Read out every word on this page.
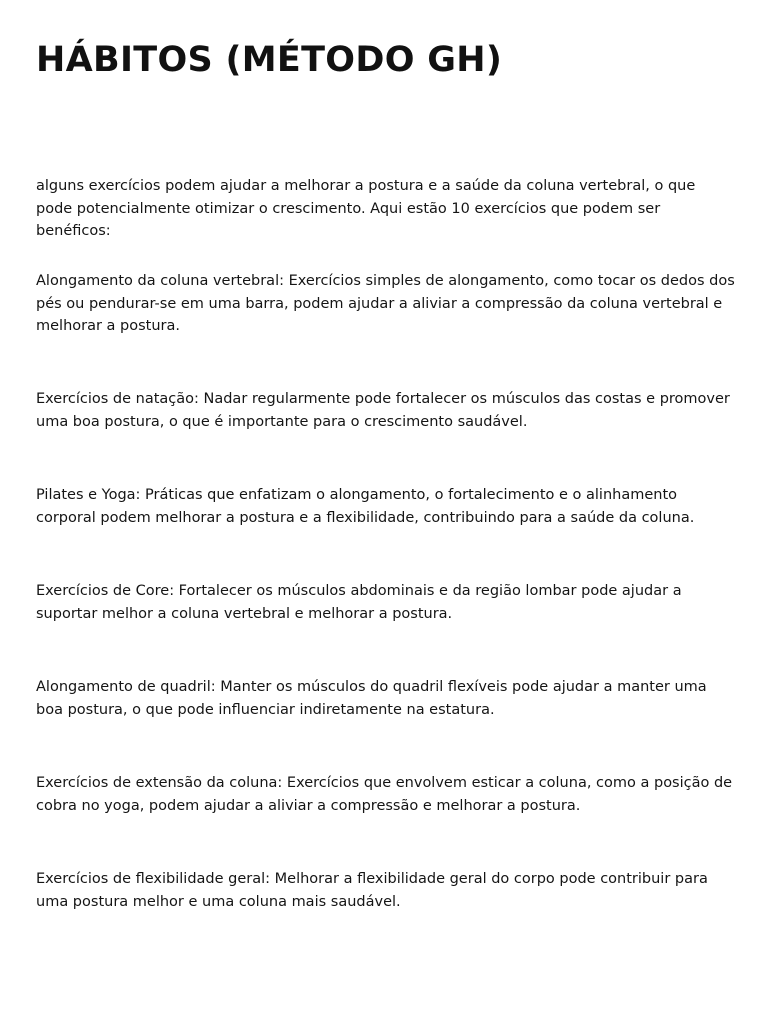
HÁBITOS (MÉTODO GH)

alguns exercícios podem ajudar a melhorar a postura e a saúde da coluna vertebral, o que pode potencialmente otimizar o crescimento. Aqui estão 10 exercícios que podem ser benéficos:

Alongamento da coluna vertebral: Exercícios simples de alongamento, como tocar os dedos dos pés ou pendurar-se em uma barra, podem ajudar a aliviar a compressão da coluna vertebral e melhorar a postura.

Exercícios de natação: Nadar regularmente pode fortalecer os músculos das costas e promover uma boa postura, o que é importante para o crescimento saudável.

Pilates e Yoga: Práticas que enfatizam o alongamento, o fortalecimento e o alinhamento corporal podem melhorar a postura e a flexibilidade, contribuindo para a saúde da coluna.

Exercícios de Core: Fortalecer os músculos abdominais e da região lombar pode ajudar a suportar melhor a coluna vertebral e melhorar a postura.

Alongamento de quadril: Manter os músculos do quadril flexíveis pode ajudar a manter uma boa postura, o que pode influenciar indiretamente na estatura.

Exercícios de extensão da coluna: Exercícios que envolvem esticar a coluna, como a posição de cobra no yoga, podem ajudar a aliviar a compressão e melhorar a postura.

Exercícios de flexibilidade geral: Melhorar a flexibilidade geral do corpo pode contribuir para uma postura melhor e uma coluna mais saudável.
